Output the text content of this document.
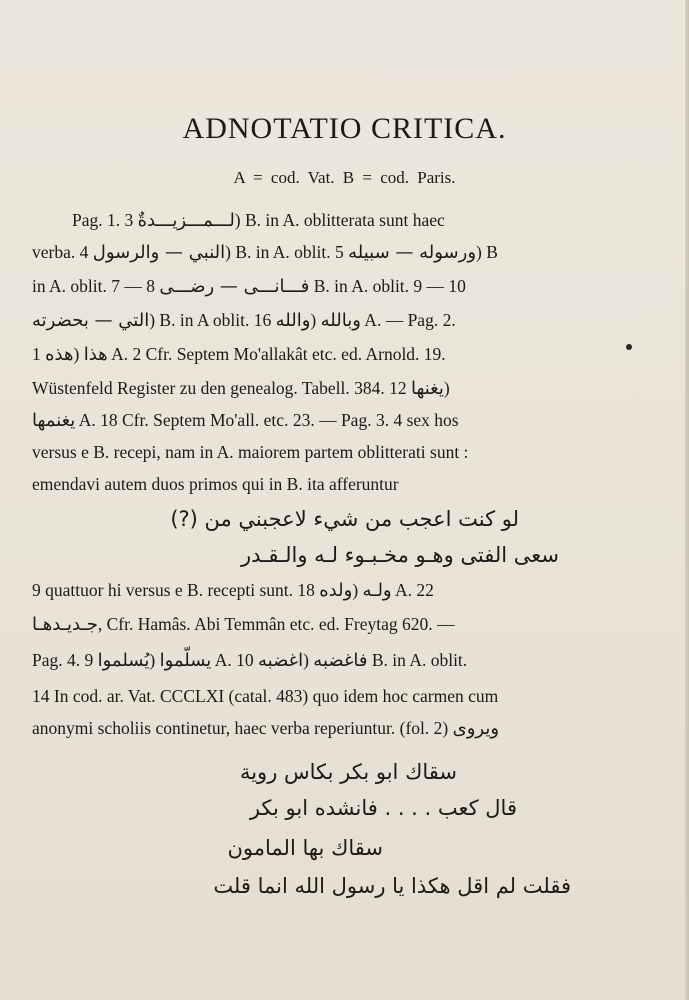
ADNOTATIO CRITICA.
A = cod. Vat. B = cod. Paris.
Pag. 1. 3 لـــمـــزيـــدةٌ) B. in A. oblitterata sunt haec
verba. 4 النبي — والرسول) B. in A. oblit. 5 ورسوله — سبيله) B
in A. oblit. 7 — 8 فـــانـــى — رضـــى B. in A. oblit. 9 — 10
التي — بحضرته) B. in A oblit. 16 والله) وبالله A. — Pag. 2.
1 هذه) هذا A. 2 Cfr. Septem Mo'allakât etc. ed. Arnold. 19.
Wüstenfeld Register zu den genealog. Tabell. 384. 12 يغنها)
يغنمها A. 18 Cfr. Septem Mo'all. etc. 23. — Pag. 3. 4 sex hos
versus e B. recepi, nam in A. maiorem partem oblitterati sunt :
emendavi autem duos primos qui in B. ita afferuntur
لو كنت اعجب من شيء لاعجبني من (?)
سعى الفتى وهـو مخـبـوء لـه والـقـدر
9 quattuor hi versus e B. recepti sunt. 18 ولده) ولـه A. 22
جـديـدهـا, Cfr. Hamâs. Abi Temmân etc. ed. Freytag 620. —
Pag. 4. 9 يُسلموا) يسلّموا A. 10 اغضبه) فاغضبه B. in A. oblit.
14 In cod. ar. Vat. CCCLXI (catal. 483) quo idem hoc carmen cum
anonymi scholiis continetur, haec verba reperiuntur. (fol. 2) ويروى
سقاك ابو بكر بكاس روية
قال كعب . . . . فانشده ابو بكر
سقاك بها المامون
فقلت لم اقل هكذا يا رسول الله انما قلت
